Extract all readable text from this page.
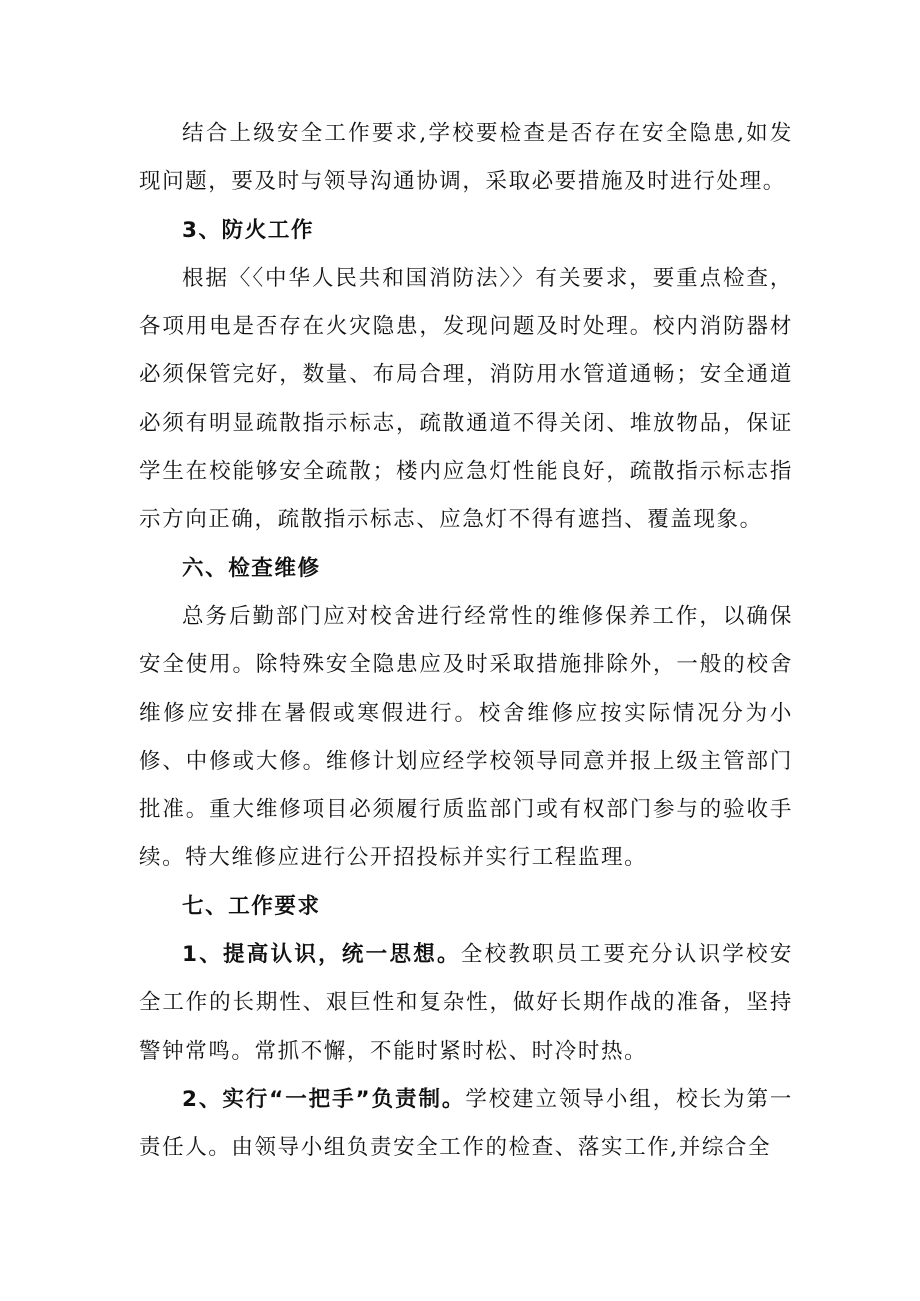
结合上级安全工作要求,学校要检查是否存在安全隐患,如发现问题，要及时与领导沟通协调，采取必要措施及时进行处理。

3、防火工作

根据〈〈中华人民共和国消防法〉〉有关要求，要重点检查，各项用电是否存在火灾隐患，发现问题及时处理。校内消防器材必须保管完好，数量、布局合理，消防用水管道通畅；安全通道必须有明显疏散指示标志，疏散通道不得关闭、堆放物品，保证学生在校能够安全疏散；楼内应急灯性能良好，疏散指示标志指示方向正确，疏散指示标志、应急灯不得有遮挡、覆盖现象。

六、检查维修

总务后勤部门应对校舍进行经常性的维修保养工作，以确保安全使用。除特殊安全隐患应及时采取措施排除外，一般的校舍维修应安排在暑假或寒假进行。校舍维修应按实际情况分为小修、中修或大修。维修计划应经学校领导同意并报上级主管部门批准。重大维修项目必须履行质监部门或有权部门参与的验收手续。特大维修应进行公开招投标并实行工程监理。

七、工作要求

1、提高认识，统一思想。全校教职员工要充分认识学校安全工作的长期性、艰巨性和复杂性，做好长期作战的准备，坚持警钟常鸣。常抓不懈，不能时紧时松、时冷时热。

2、实行“一把手”负责制。学校建立领导小组，校长为第一责任人。由领导小组负责安全工作的检查、落实工作,并综合全
